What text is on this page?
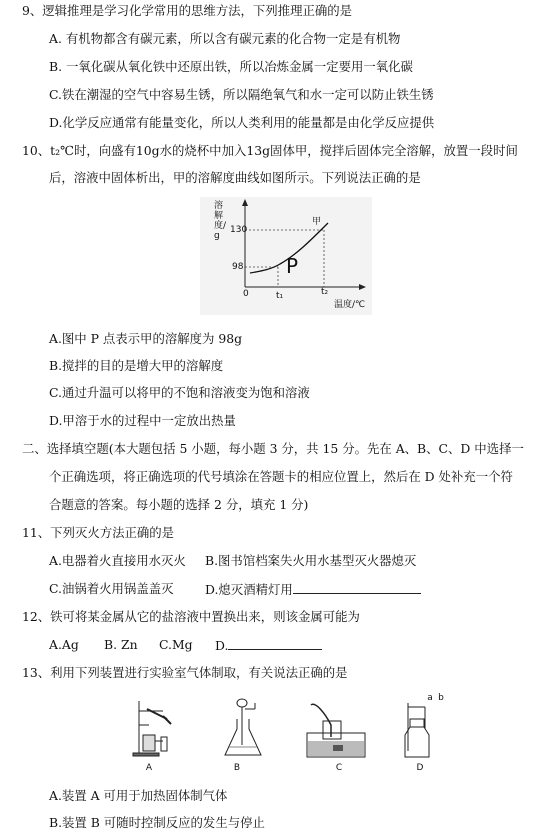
9、逻辑推理是学习化学常用的思维方法，下列推理正确的是
A. 有机物都含有碳元素，所以含有碳元素的化合物一定是有机物
B. 一氧化碳从氧化铁中还原出铁，所以冶炼金属一定要用一氧化碳
C.铁在潮湿的空气中容易生锈，所以隔绝氧气和水一定可以防止铁生锈
D.化学反应通常有能量变化，所以人类利用的能量都是由化学反应提供
10、t₂℃时，向盛有10g水的烧杯中加入13g固体甲，搅拌后固体完全溶解，放置一段时间
后，溶液中固体析出，甲的溶解度曲线如图所示。下列说法正确的是
溶解度/g
130
98
0
P
甲
t₁	t₂
温度/℃
A.图中 P 点表示甲的溶解度为 98g
B.搅拌的目的是增大甲的溶解度
C.通过升温可以将甲的不饱和溶液变为饱和溶液
D.甲溶于水的过程中一定放出热量
二、选择填空题(本大题包括 5 小题，每小题 3 分，共 15 分。先在 A、B、C、D 中选择一
个正确选项，将正确选项的代号填涂在答题卡的相应位置上，然后在 D 处补充一个符
合题意的答案。每小题的选择 2 分，填充 1 分)
11、下列灭火方法正确的是
A.电器着火直接用水灭火 B.图书馆档案失火用水基型灭火器熄灭
C.油锅着火用锅盖盖灭	D.熄灭酒精灯用
12、铁可将某金属从它的盐溶液中置换出来，则该金属可能为
A.Ag B. Zn C.Mg D.
13、利用下列装置进行实验室气体制取，有关说法正确的是
a b
A	B	C	D
A.装置 A 可用于加热固体制气体
B.装置 B 可随时控制反应的发生与停止
